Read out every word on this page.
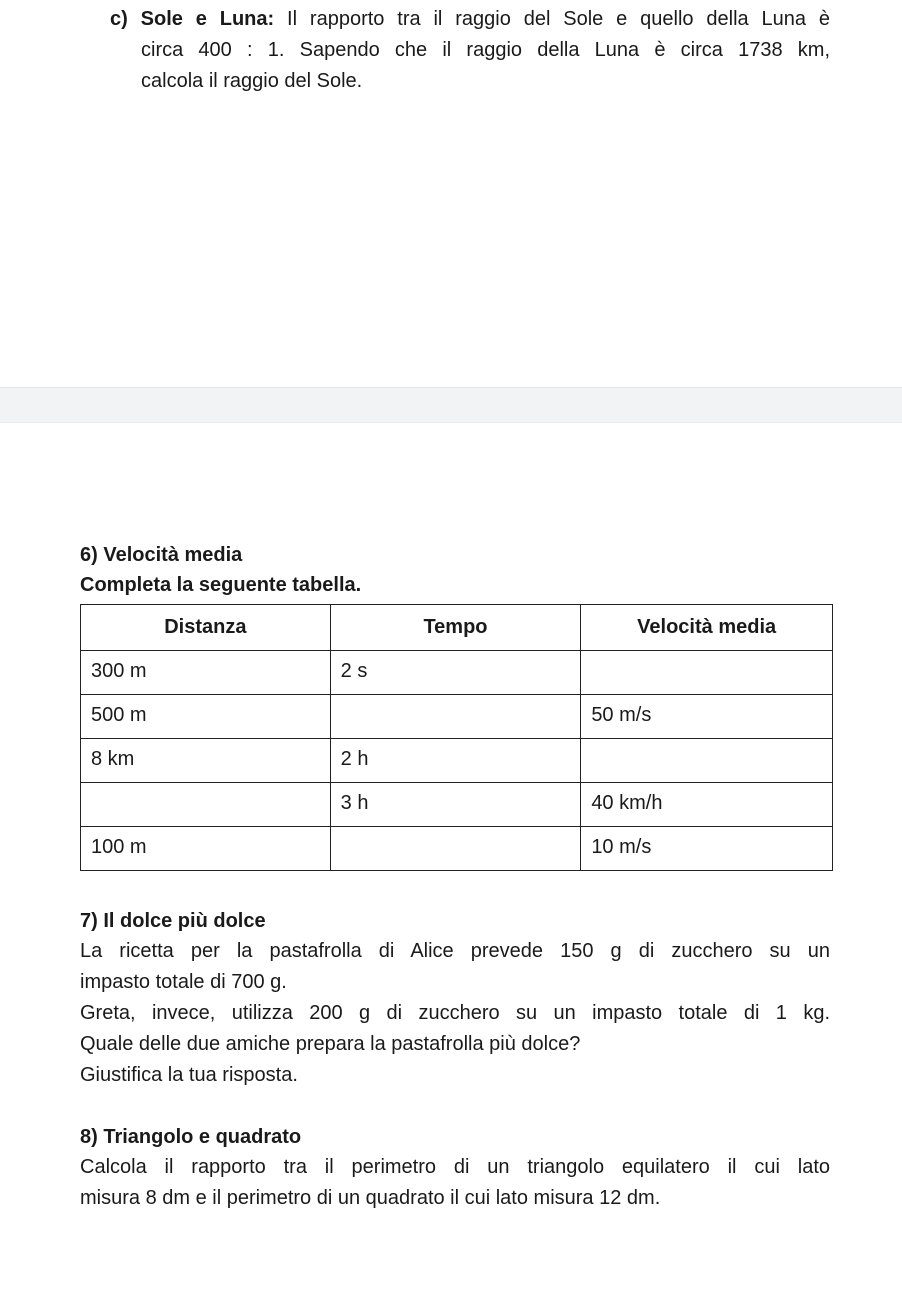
c) Sole e Luna: Il rapporto tra il raggio del Sole e quello della Luna è
circa 400 : 1. Sapendo che il raggio della Luna è circa 1738 km,
calcola il raggio del Sole.
6) Velocità media
Completa la seguente tabella.
Distanza	Tempo	Velocità media
300 m	2 s	
500 m		50 m/s
8 km	2 h	
	3 h	40 km/h
100 m		10 m/s
7) Il dolce più dolce
La ricetta per la pastafrolla di Alice prevede 150 g di zucchero su un
impasto totale di 700 g.
Greta, invece, utilizza 200 g di zucchero su un impasto totale di 1 kg.
Quale delle due amiche prepara la pastafrolla più dolce?
Giustifica la tua risposta.
8) Triangolo e quadrato
Calcola il rapporto tra il perimetro di un triangolo equilatero il cui lato
misura 8 dm e il perimetro di un quadrato il cui lato misura 12 dm.
